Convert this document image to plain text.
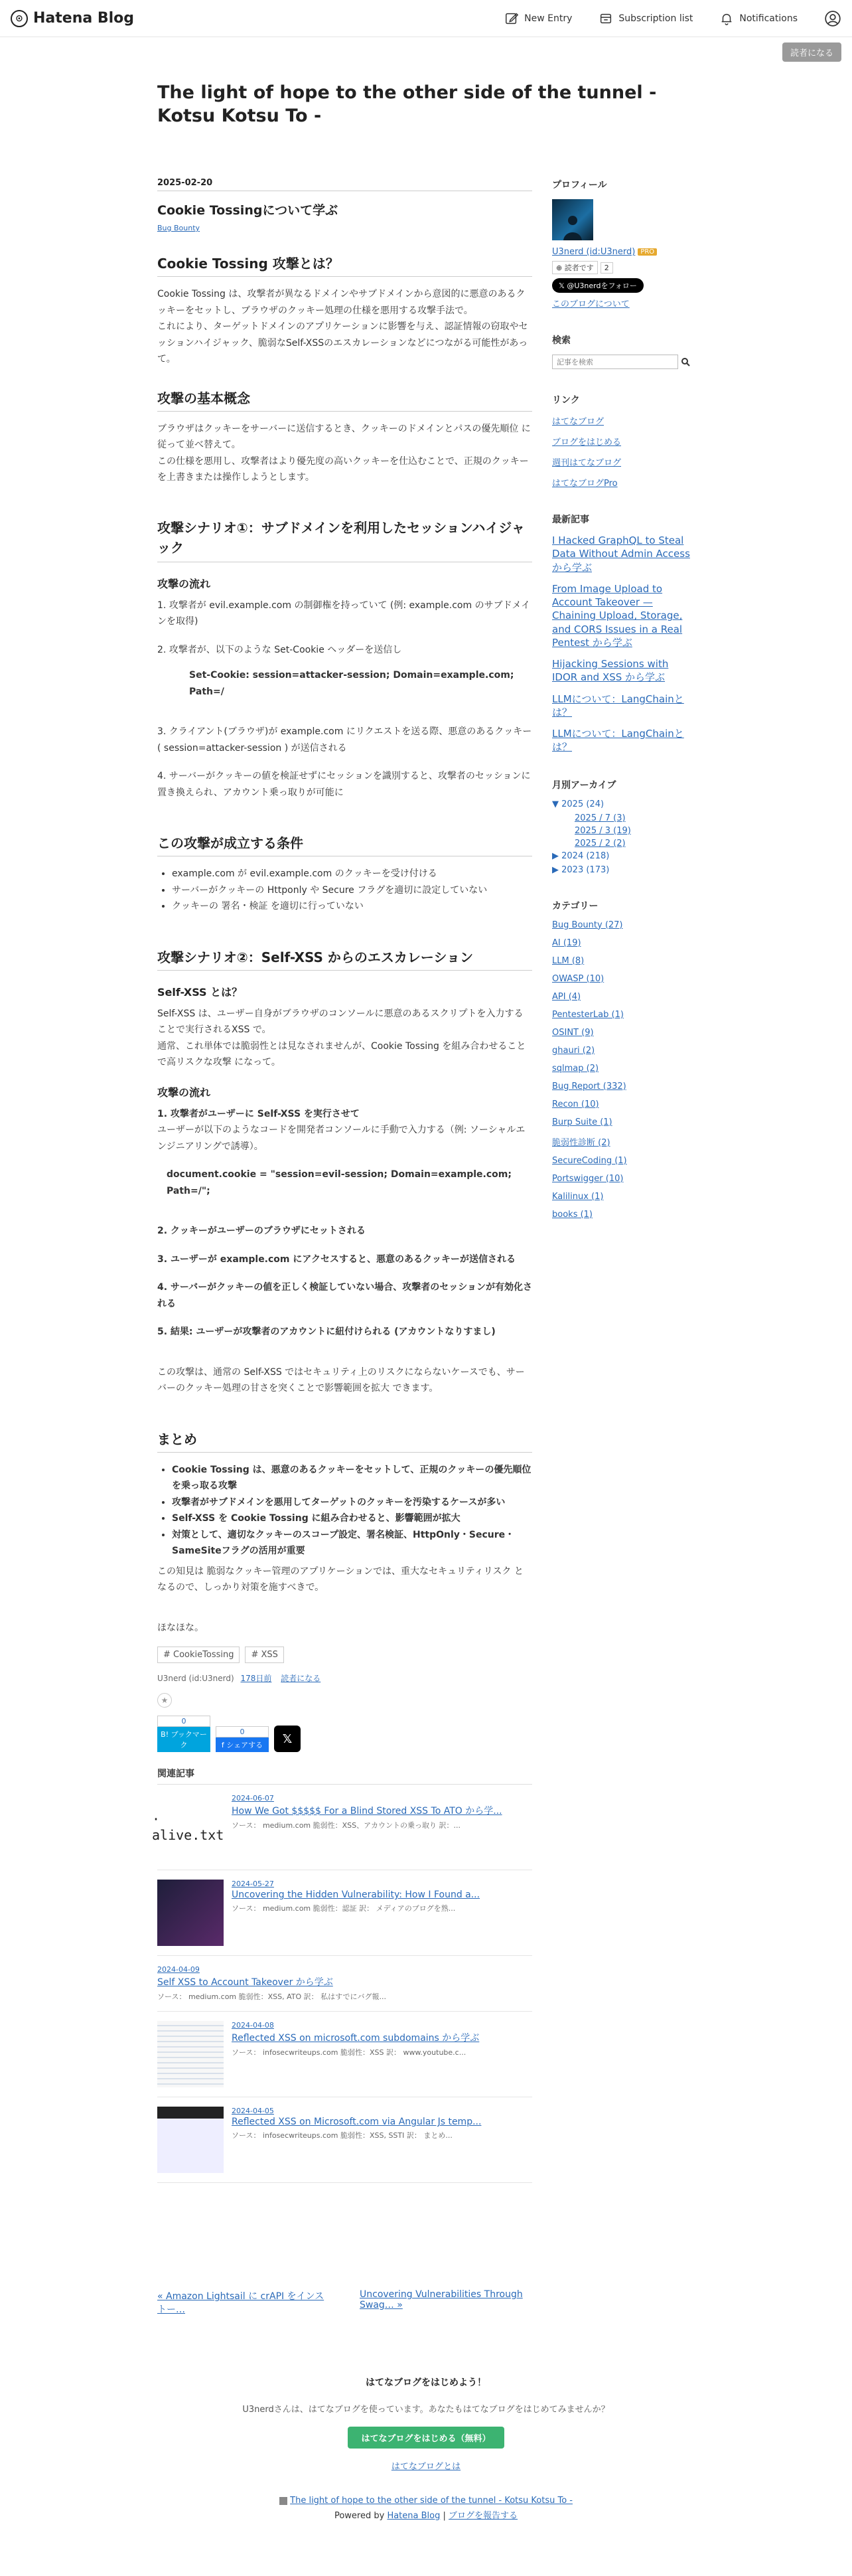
⊙ Hatena Blog	New Entry	Subscription list	Notifications
読者になる
The light of hope to the other side of the tunnel - Kotsu Kotsu To -
2025-02-20
Cookie Tossingについて学ぶ
Bug Bounty
Cookie Tossing 攻撃とは？

Cookie Tossing は、攻撃者が異なるドメインやサブドメインから意図的に悪意のあるクッキーをセットし、ブラウザのクッキー処理の仕様を悪用する攻撃手法で。

これにより、ターゲットドメインのアプリケーションに影響を与え、認証情報の窃取やセッションハイジャック、脆弱なSelf-XSSのエスカレーションなどにつながる可能性があって。

攻撃の基本概念

ブラウザはクッキーをサーバーに送信するとき、クッキーのドメインとパスの優先順位 に従って並べ替えて。

この仕様を悪用し、攻撃者はより優先度の高いクッキーを仕込むことで、正規のクッキーを上書きまたは操作しようとします。

攻撃シナリオ①：サブドメインを利用したセッションハイジャック
攻撃の流れ

1. 攻撃者が evil.example.com の制御権を持っていて (例: example.com のサブドメインを取得)

2. 攻撃者が、以下のような Set-Cookie ヘッダーを送信し

Set-Cookie: session=attacker-session; Domain=example.com; Path=/

3. クライアント(ブラウザ)が example.com にリクエストを送る際、悪意のあるクッキー ( session=attacker-session ) が送信される

4. サーバーがクッキーの値を検証せずにセッションを識別すると、攻撃者のセッションに置き換えられ、アカウント乗っ取りが可能に

この攻撃が成立する条件
• example.com が evil.example.com のクッキーを受け付ける
• サーバーがクッキーの Httponly や Secure フラグを適切に設定していない
• クッキーの 署名・検証 を適切に行っていない
攻撃シナリオ②：Self-XSS からのエスカレーション
Self-XSS とは？

Self-XSS は、ユーザー自身がブラウザのコンソールに悪意のあるスクリプトを入力することで実行されるXSS で。

通常、これ単体では脆弱性とは見なされませんが、Cookie Tossing を組み合わせることで高リスクな攻撃 になって。

攻撃の流れ

1. 攻撃者がユーザーに Self-XSS を実行させて

ユーザーが以下のようなコードを開発者コンソールに手動で入力する（例: ソーシャルエンジニアリングで誘導）。

document.cookie = "session=evil-session; Domain=example.com; Path=/";

2. クッキーがユーザーのブラウザにセットされる

3. ユーザーが example.com にアクセスすると、悪意のあるクッキーが送信される

4. サーバーがクッキーの値を正しく検証していない場合、攻撃者のセッションが有効化される

5. 結果: ユーザーが攻撃者のアカウントに紐付けられる (アカウントなりすまし)

この攻撃は、通常の Self-XSS ではセキュリティ上のリスクにならないケースでも、サーバーのクッキー処理の甘さを突くことで影響範囲を拡大 できます。

まとめ
• Cookie Tossing は、悪意のあるクッキーをセットして、正規のクッキーの優先順位を乗っ取る攻撃
• 攻撃者がサブドメインを悪用してターゲットのクッキーを汚染するケースが多い
• Self-XSS を Cookie Tossing に組み合わせると、影響範囲が拡大
• 対策として、適切なクッキーのスコープ設定、署名検証、HttpOnly・Secure・SameSiteフラグの活用が重要

この知見は 脆弱なクッキー管理のアプリケーションでは、重大なセキュリティリスク となるので、しっかり対策を施すべきで。

ほなほな。

# CookieTossing	# XSS
U3nerd (id:U3nerd) 178日前 読者になる
★
0
B! ブックマーク
0
f シェアする	𝕏
関連記事
· alive.txt
2024-06-07
How We Got $$$$$ For a Blind Stored XSS To ATO から学...
ソース： medium.com 脆弱性：XSS、アカウントの乗っ取り 訳：...
2024-05-27
Uncovering the Hidden Vulnerability: How I Found a...
ソース： medium.com 脆弱性：認証 訳： メディアのブログを熟...
2024-04-09
Self XSS to Account Takeover から学ぶ
ソース： medium.com 脆弱性：XSS, ATO 訳： 私はすでにバグ報...
2024-04-08
Reflected XSS on microsoft.com subdomains から学ぶ
ソース： infosecwriteups.com 脆弱性：XSS 訳： www.youtube.c...
2024-04-05
Reflected XSS on Microsoft.com via Angular Js temp...
ソース： infosecwriteups.com 脆弱性：XSS, SSTI 訳： まとめ...
« Amazon Lightsail に crAPI をインストー…
Uncovering Vulnerabilities Through Swag… »
プロフィール
U3nerd (id:U3nerd) PRO
⊕ 読者です	2
𝕏 @U3nerdをフォロー
このブログについて
検索
記事を検索
リンク
はてなブログ
ブログをはじめる
週刊はてなブログ
はてなブログPro
最新記事
I Hacked GraphQL to Steal Data Without Admin Access から学ぶ
From Image Upload to Account Takeover — Chaining Upload, Storage, and CORS Issues in a Real Pentest から学ぶ
Hijacking Sessions with IDOR and XSS から学ぶ
LLMについて：LangChainとは？
LLMについて：LangChainとは？
月別アーカイブ
▼ 2025 (24)
2025 / 7 (3)
2025 / 3 (19)
2025 / 2 (2)
▶ 2024 (218)
▶ 2023 (173)
カテゴリー
Bug Bounty (27)
AI (19)
LLM (8)
OWASP (10)
API (4)
PentesterLab (1)
OSINT (9)
ghauri (2)
sqlmap (2)
Bug Report (332)
Recon (10)
Burp Suite (1)
脆弱性診断 (2)
SecureCoding (1)
Portswigger (10)
Kalilinux (1)
books (1)
はてなブログをはじめよう！
U3nerdさんは、はてなブログを使っています。あなたもはてなブログをはじめてみませんか？
はてなブログをはじめる（無料）
はてなブログとは
The light of hope to the other side of the tunnel - Kotsu Kotsu To -
Powered by Hatena Blog | ブログを報告する
